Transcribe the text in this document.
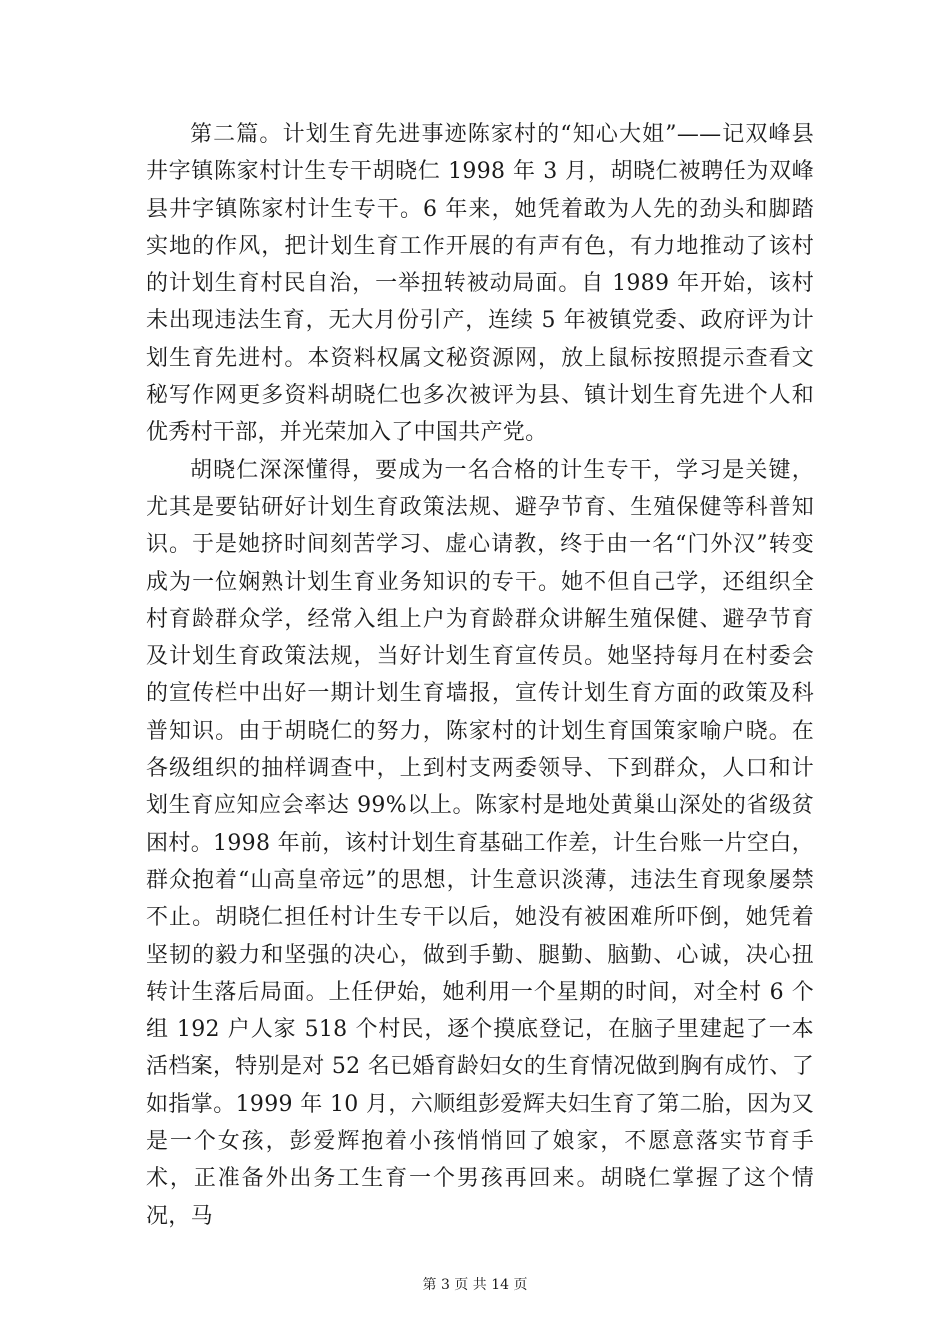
第二篇。计划生育先进事迹陈家村的“知心大姐”——记双峰县井字镇陈家村计生专干胡晓仁 1998 年 3 月，胡晓仁被聘任为双峰县井字镇陈家村计生专干。6 年来，她凭着敢为人先的劲头和脚踏实地的作风，把计划生育工作开展的有声有色，有力地推动了该村的计划生育村民自治，一举扭转被动局面。自 1989 年开始，该村未出现违法生育，无大月份引产，连续 5 年被镇党委、政府评为计划生育先进村。本资料权属文秘资源网，放上鼠标按照提示查看文秘写作网更多资料胡晓仁也多次被评为县、镇计划生育先进个人和优秀村干部，并光荣加入了中国共产党。

胡晓仁深深懂得，要成为一名合格的计生专干，学习是关键，尤其是要钻研好计划生育政策法规、避孕节育、生殖保健等科普知识。于是她挤时间刻苦学习、虚心请教，终于由一名“门外汉”转变成为一位娴熟计划生育业务知识的专干。她不但自己学，还组织全村育龄群众学，经常入组上户为育龄群众讲解生殖保健、避孕节育及计划生育政策法规，当好计划生育宣传员。她坚持每月在村委会的宣传栏中出好一期计划生育墙报，宣传计划生育方面的政策及科普知识。由于胡晓仁的努力，陈家村的计划生育国策家喻户晓。在各级组织的抽样调查中，上到村支两委领导、下到群众，人口和计划生育应知应会率达 99%以上。陈家村是地处黄巢山深处的省级贫困村。1998 年前，该村计划生育基础工作差，计生台账一片空白，群众抱着“山高皇帝远”的思想，计生意识淡薄，违法生育现象屡禁不止。胡晓仁担任村计生专干以后，她没有被困难所吓倒，她凭着坚韧的毅力和坚强的决心，做到手勤、腿勤、脑勤、心诚，决心扭转计生落后局面。上任伊始，她利用一个星期的时间，对全村 6 个组 192 户人家 518 个村民，逐个摸底登记，在脑子里建起了一本活档案，特别是对 52 名已婚育龄妇女的生育情况做到胸有成竹、了如指掌。1999 年 10 月，六顺组彭爱辉夫妇生育了第二胎，因为又是一个女孩，彭爱辉抱着小孩悄悄回了娘家，不愿意落实节育手术，正准备外出务工生育一个男孩再回来。胡晓仁掌握了这个情况，马

第 3 页 共 14 页
